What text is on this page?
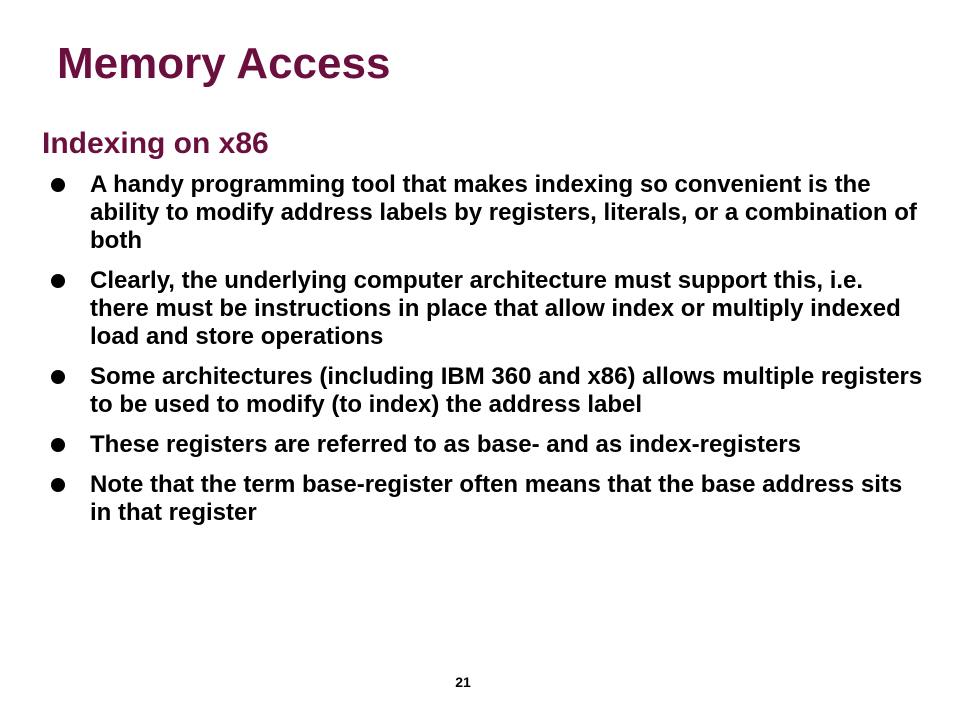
Memory Access
Indexing on x86
A handy programming tool that makes indexing so convenient is the ability to modify address labels by registers, literals, or a combination of both
Clearly, the underlying computer architecture must support this, i.e. there must be instructions in place that allow index or multiply indexed load and store operations
Some architectures (including IBM 360 and x86) allows multiple registers to be used to modify (to index) the address label
These registers are referred to as base- and as index-registers
Note that the term base-register often means that the base address sits in that register
21
